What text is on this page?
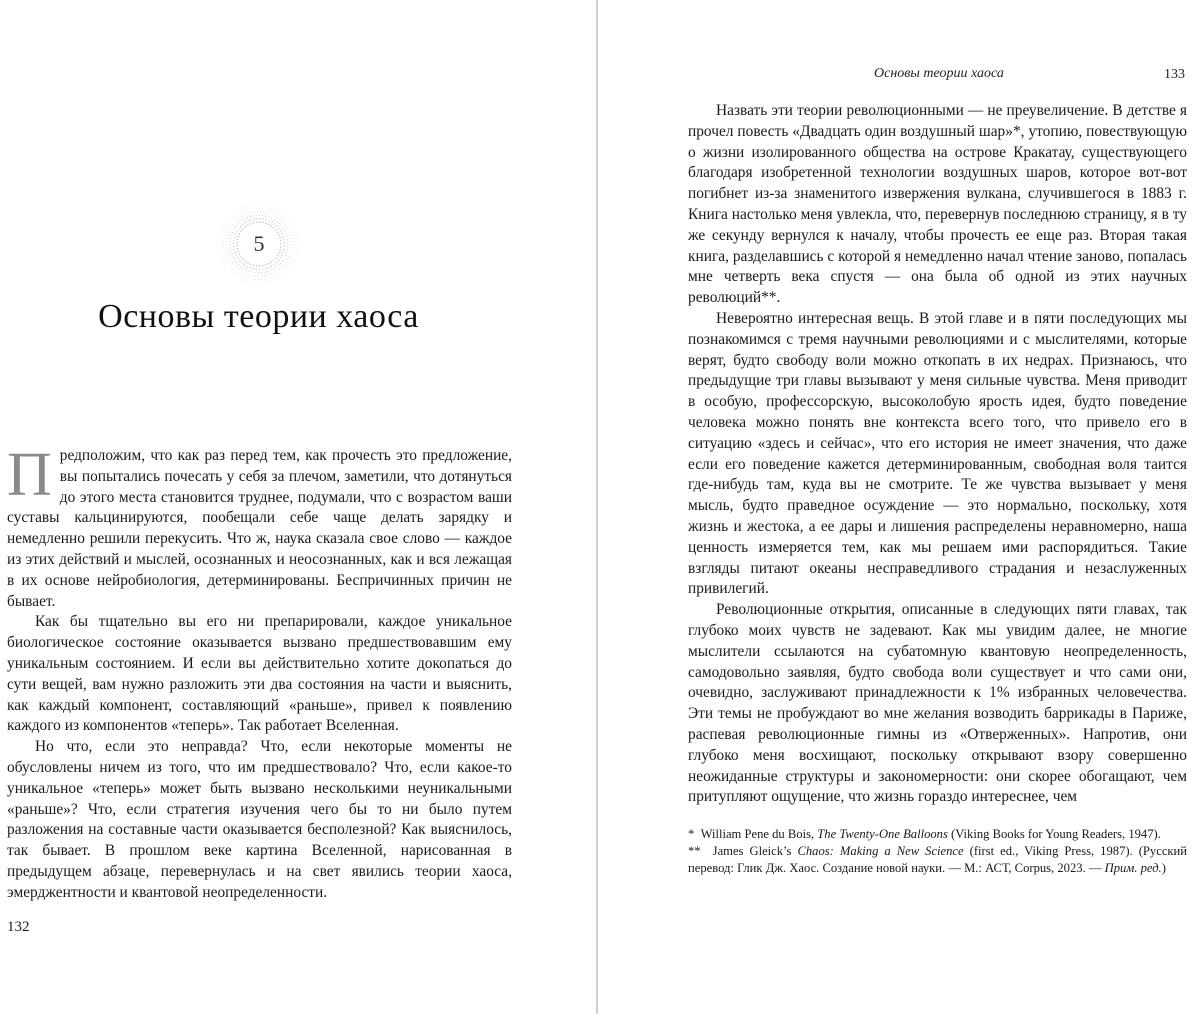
5
Основы теории хаоса

Предположим, что как раз перед тем, как прочесть это предложение, вы попытались почесать у себя за плечом, заметили, что дотянуться до этого места становится труднее, подумали, что с возрастом ваши суставы кальцинируются, пообещали себе чаще делать зарядку и немедленно решили перекусить. Что ж, наука сказала свое слово — каждое из этих действий и мыслей, осознанных и неосознанных, как и вся лежащая в их основе нейробиология, детерминированы. Беспричинных причин не бывает.

Как бы тщательно вы его ни препарировали, каждое уникальное биологическое состояние оказывается вызвано предшествовавшим ему уникальным состоянием. И если вы действительно хотите докопаться до сути вещей, вам нужно разложить эти два состояния на части и выяснить, как каждый компонент, составляющий «раньше», привел к появлению каждого из компонентов «теперь». Так работает Вселенная.

Но что, если это неправда? Что, если некоторые моменты не обусловлены ничем из того, что им предшествовало? Что, если какое-то уникальное «теперь» может быть вызвано несколькими неуникальными «раньше»? Что, если стратегия изучения чего бы то ни было путем разложения на составные части оказывается бесполезной? Как выяснилось, так бывает. В прошлом веке картина Вселенной, нарисованная в предыдущем абзаце, перевернулась и на свет явились теории хаоса, эмерджентности и квантовой неопределенности.

132
Основы теории хаоса	133

Назвать эти теории революционными — не преувеличение. В детстве я прочел повесть «Двадцать один воздушный шар»*, утопию, повествующую о жизни изолированного общества на острове Кракатау, существующего благодаря изобретенной технологии воздушных шаров, которое вот-вот погибнет из-за знаменитого извержения вулкана, случившегося в 1883 г. Книга настолько меня увлекла, что, перевернув последнюю страницу, я в ту же секунду вернулся к началу, чтобы прочесть ее еще раз. Вторая такая книга, разделавшись с которой я немедленно начал чтение заново, попалась мне четверть века спустя — она была об одной из этих научных революций**.

Невероятно интересная вещь. В этой главе и в пяти последующих мы познакомимся с тремя научными революциями и с мыслителями, которые верят, будто свободу воли можно откопать в их недрах. Признаюсь, что предыдущие три главы вызывают у меня сильные чувства. Меня приводит в особую, профессорскую, высоколобую ярость идея, будто поведение человека можно понять вне контекста всего того, что привело его в ситуацию «здесь и сейчас», что его история не имеет значения, что даже если его поведение кажется детерминированным, свободная воля таится где-нибудь там, куда вы не смотрите. Те же чувства вызывает у меня мысль, будто праведное осуждение — это нормально, поскольку, хотя жизнь и жестока, а ее дары и лишения распределены неравномерно, наша ценность измеряется тем, как мы решаем ими распорядиться. Такие взгляды питают океаны несправедливого страдания и незаслуженных привилегий.

Революционные открытия, описанные в следующих пяти главах, так глубоко моих чувств не задевают. Как мы увидим далее, не многие мыслители ссылаются на субатомную квантовую неопределенность, самодовольно заявляя, будто свобода воли существует и что сами они, очевидно, заслуживают принадлежности к 1% избранных человечества. Эти темы не пробуждают во мне желания возводить баррикады в Париже, распевая революционные гимны из «Отверженных». Напротив, они глубоко меня восхищают, поскольку открывают взору совершенно неожиданные структуры и закономерности: они скорее обогащают, чем притупляют ощущение, что жизнь гораздо интереснее, чем

* William Pene du Bois, The Twenty-One Balloons (Viking Books for Young Readers, 1947).

** James Gleick’s Chaos: Making a New Science (first ed., Viking Press, 1987). (Русский перевод: Глик Дж. Хаос. Создание новой науки. — М.: АСТ, Corpus, 2023. — Прим. ред.)
